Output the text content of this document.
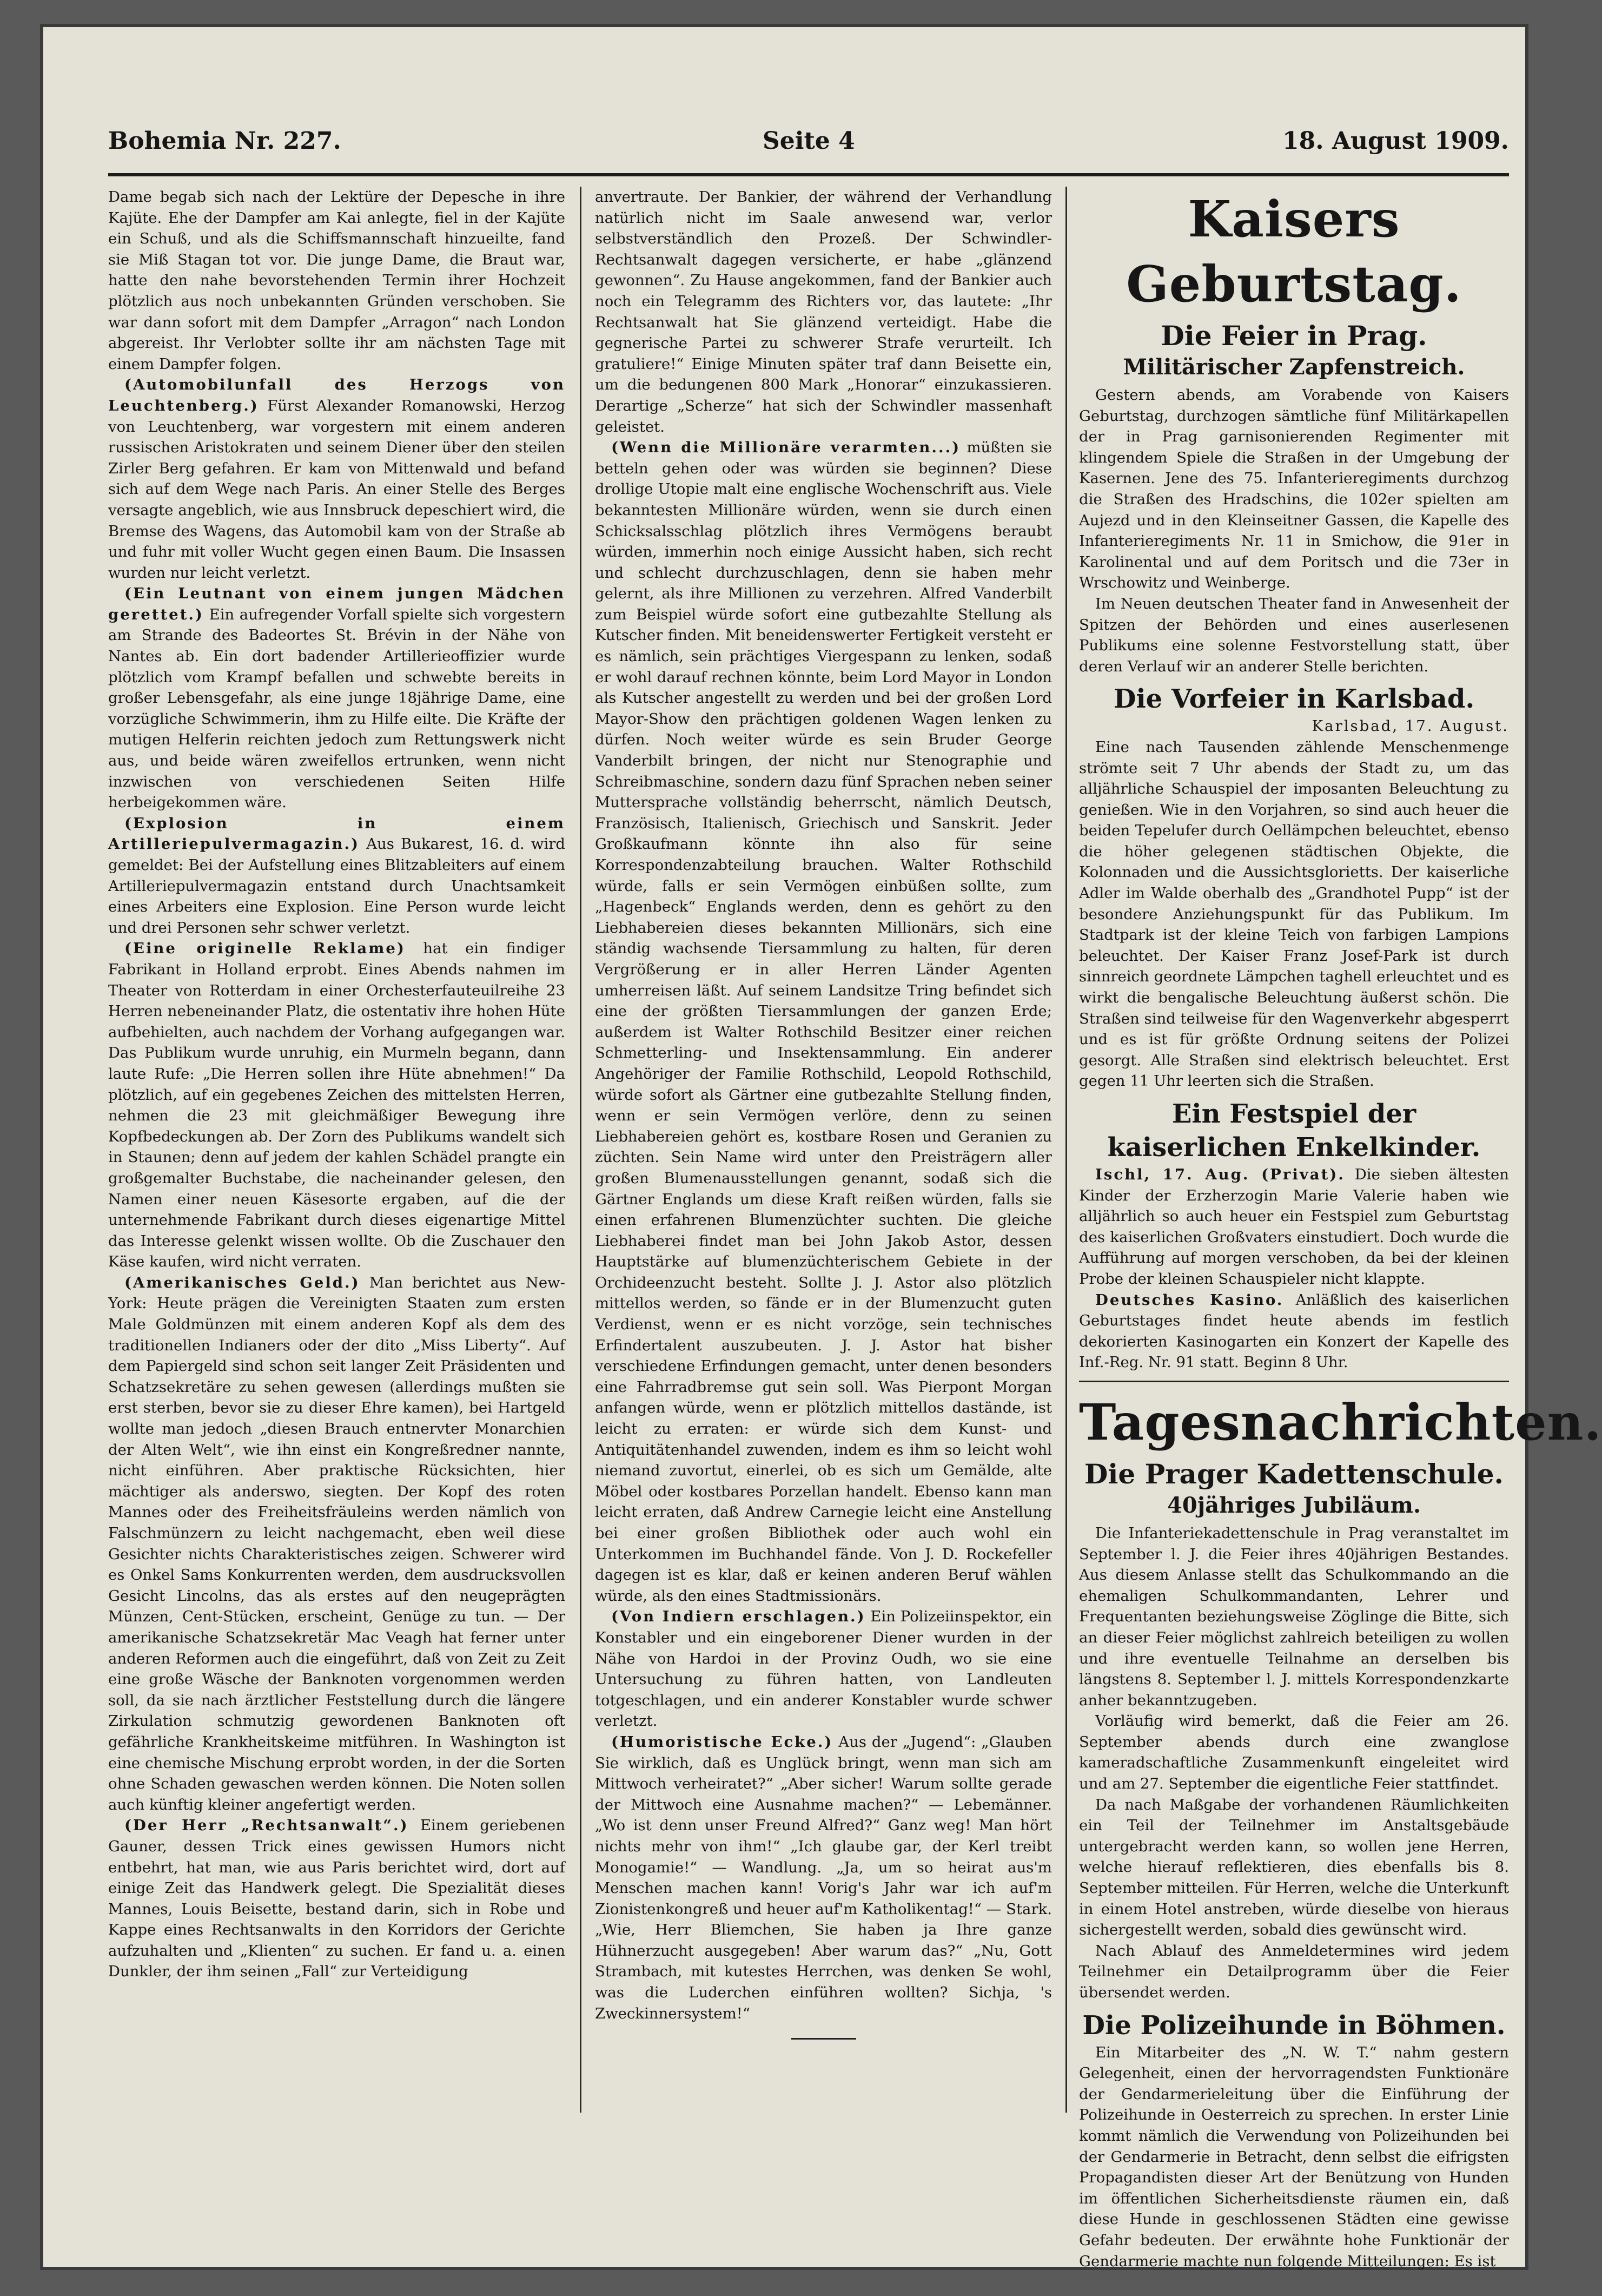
Bohemia Nr. 227.	Seite 4	18. August 1909.

Dame begab sich nach der Lektüre der Depesche in ihre Kajüte. Ehe der Dampfer am Kai anlegte, fiel in der Kajüte ein Schuß, und als die Schiffsmannschaft hinzueilte, fand sie Miß Stagan tot vor. Die junge Dame, die Braut war, hatte den nahe bevorstehenden Termin ihrer Hochzeit plötzlich aus noch unbekannten Gründen verschoben. Sie war dann sofort mit dem Dampfer „Arragon“ nach London abgereist. Ihr Verlobter sollte ihr am nächsten Tage mit einem Dampfer folgen.

(Automobilunfall des Herzogs von Leuchtenberg.) Fürst Alexander Romanowski, Herzog von Leuchtenberg, war vorgestern mit einem anderen russischen Aristokraten und seinem Diener über den steilen Zirler Berg gefahren. Er kam von Mittenwald und befand sich auf dem Wege nach Paris. An einer Stelle des Berges versagte angeblich, wie aus Innsbruck depeschiert wird, die Bremse des Wagens, das Automobil kam von der Straße ab und fuhr mit voller Wucht gegen einen Baum. Die Insassen wurden nur leicht verletzt.

(Ein Leutnant von einem jungen Mädchen gerettet.) Ein aufregender Vorfall spielte sich vorgestern am Strande des Badeortes St. Brévin in der Nähe von Nantes ab. Ein dort badender Artillerieoffizier wurde plötzlich vom Krampf befallen und schwebte bereits in großer Lebensgefahr, als eine junge 18jährige Dame, eine vorzügliche Schwimmerin, ihm zu Hilfe eilte. Die Kräfte der mutigen Helferin reichten jedoch zum Rettungswerk nicht aus, und beide wären zweifellos ertrunken, wenn nicht inzwischen von verschiedenen Seiten Hilfe herbeigekommen wäre.

(Explosion in einem Artilleriepulvermagazin.) Aus Bukarest, 16. d. wird gemeldet: Bei der Aufstellung eines Blitzableiters auf einem Artilleriepulvermagazin entstand durch Unachtsamkeit eines Arbeiters eine Explosion. Eine Person wurde leicht und drei Personen sehr schwer verletzt.

(Eine originelle Reklame) hat ein findiger Fabrikant in Holland erprobt. Eines Abends nahmen im Theater von Rotterdam in einer Orchesterfauteuilreihe 23 Herren nebeneinander Platz, die ostentativ ihre hohen Hüte aufbehielten, auch nachdem der Vorhang aufgegangen war. Das Publikum wurde unruhig, ein Murmeln begann, dann laute Rufe: „Die Herren sollen ihre Hüte abnehmen!“ Da plötzlich, auf ein gegebenes Zeichen des mittelsten Herren, nehmen die 23 mit gleichmäßiger Bewegung ihre Kopfbedeckungen ab. Der Zorn des Publikums wandelt sich in Staunen; denn auf jedem der kahlen Schädel prangte ein großgemalter Buchstabe, die nacheinander gelesen, den Namen einer neuen Käsesorte ergaben, auf die der unternehmende Fabrikant durch dieses eigenartige Mittel das Interesse gelenkt wissen wollte. Ob die Zuschauer den Käse kaufen, wird nicht verraten.

(Amerikanisches Geld.) Man berichtet aus New-York: Heute prägen die Vereinigten Staaten zum ersten Male Goldmünzen mit einem anderen Kopf als dem des traditionellen Indianers oder der dito „Miss Liberty“. Auf dem Papiergeld sind schon seit langer Zeit Präsidenten und Schatzsekretäre zu sehen gewesen (allerdings mußten sie erst sterben, bevor sie zu dieser Ehre kamen), bei Hartgeld wollte man jedoch „diesen Brauch entnervter Monarchien der Alten Welt“, wie ihn einst ein Kongreßredner nannte, nicht einführen. Aber praktische Rücksichten, hier mächtiger als anderswo, siegten. Der Kopf des roten Mannes oder des Freiheitsfräuleins werden nämlich von Falschmünzern zu leicht nachgemacht, eben weil diese Gesichter nichts Charakteristisches zeigen. Schwerer wird es Onkel Sams Konkurrenten werden, dem ausdrucksvollen Gesicht Lincolns, das als erstes auf den neugeprägten Münzen, Cent-Stücken, erscheint, Genüge zu tun. — Der amerikanische Schatzsekretär Mac Veagh hat ferner unter anderen Reformen auch die eingeführt, daß von Zeit zu Zeit eine große Wäsche der Banknoten vorgenommen werden soll, da sie nach ärztlicher Feststellung durch die längere Zirkulation schmutzig gewordenen Banknoten oft gefährliche Krankheitskeime mitführen. In Washington ist eine chemische Mischung erprobt worden, in der die Sorten ohne Schaden gewaschen werden können. Die Noten sollen auch künftig kleiner angefertigt werden.

(Der Herr „Rechtsanwalt“.) Einem geriebenen Gauner, dessen Trick eines gewissen Humors nicht entbehrt, hat man, wie aus Paris berichtet wird, dort auf einige Zeit das Handwerk gelegt. Die Spezialität dieses Mannes, Louis Beisette, bestand darin, sich in Robe und Kappe eines Rechtsanwalts in den Korridors der Gerichte aufzuhalten und „Klienten“ zu suchen. Er fand u. a. einen Dunkler, der ihm seinen „Fall“ zur Verteidigung

anvertraute. Der Bankier, der während der Verhandlung natürlich nicht im Saale anwesend war, verlor selbstverständlich den Prozeß. Der Schwindler-Rechtsanwalt dagegen versicherte, er habe „glänzend gewonnen“. Zu Hause angekommen, fand der Bankier auch noch ein Telegramm des Richters vor, das lautete: „Ihr Rechtsanwalt hat Sie glänzend verteidigt. Habe die gegnerische Partei zu schwerer Strafe verurteilt. Ich gratuliere!“ Einige Minuten später traf dann Beisette ein, um die bedungenen 800 Mark „Honorar“ einzukassieren. Derartige „Scherze“ hat sich der Schwindler massenhaft geleistet.

(Wenn die Millionäre verarmten...) müßten sie betteln gehen oder was würden sie beginnen? Diese drollige Utopie malt eine englische Wochenschrift aus. Viele bekanntesten Millionäre würden, wenn sie durch einen Schicksalsschlag plötzlich ihres Vermögens beraubt würden, immerhin noch einige Aussicht haben, sich recht und schlecht durchzuschlagen, denn sie haben mehr gelernt, als ihre Millionen zu verzehren. Alfred Vanderbilt zum Beispiel würde sofort eine gutbezahlte Stellung als Kutscher finden. Mit beneidenswerter Fertigkeit versteht er es nämlich, sein prächtiges Viergespann zu lenken, sodaß er wohl darauf rechnen könnte, beim Lord Mayor in London als Kutscher angestellt zu werden und bei der großen Lord Mayor-Show den prächtigen goldenen Wagen lenken zu dürfen. Noch weiter würde es sein Bruder George Vanderbilt bringen, der nicht nur Stenographie und Schreibmaschine, sondern dazu fünf Sprachen neben seiner Muttersprache vollständig beherrscht, nämlich Deutsch, Französisch, Italienisch, Griechisch und Sanskrit. Jeder Großkaufmann könnte ihn also für seine Korrespondenzabteilung brauchen. Walter Rothschild würde, falls er sein Vermögen einbüßen sollte, zum „Hagenbeck“ Englands werden, denn es gehört zu den Liebhabereien dieses bekannten Millionärs, sich eine ständig wachsende Tiersammlung zu halten, für deren Vergrößerung er in aller Herren Länder Agenten umherreisen läßt. Auf seinem Landsitze Tring befindet sich eine der größten Tiersammlungen der ganzen Erde; außerdem ist Walter Rothschild Besitzer einer reichen Schmetterling- und Insektensammlung. Ein anderer Angehöriger der Familie Rothschild, Leopold Rothschild, würde sofort als Gärtner eine gutbezahlte Stellung finden, wenn er sein Vermögen verlöre, denn zu seinen Liebhabereien gehört es, kostbare Rosen und Geranien zu züchten. Sein Name wird unter den Preisträgern aller großen Blumenausstellungen genannt, sodaß sich die Gärtner Englands um diese Kraft reißen würden, falls sie einen erfahrenen Blumenzüchter suchten. Die gleiche Liebhaberei findet man bei John Jakob Astor, dessen Hauptstärke auf blumenzüchterischem Gebiete in der Orchideenzucht besteht. Sollte J. J. Astor also plötzlich mittellos werden, so fände er in der Blumenzucht guten Verdienst, wenn er es nicht vorzöge, sein technisches Erfindertalent auszubeuten. J. J. Astor hat bisher verschiedene Erfindungen gemacht, unter denen besonders eine Fahrradbremse gut sein soll. Was Pierpont Morgan anfangen würde, wenn er plötzlich mittellos dastände, ist leicht zu erraten: er würde sich dem Kunst- und Antiquitätenhandel zuwenden, indem es ihm so leicht wohl niemand zuvortut, einerlei, ob es sich um Gemälde, alte Möbel oder kostbares Porzellan handelt. Ebenso kann man leicht erraten, daß Andrew Carnegie leicht eine Anstellung bei einer großen Bibliothek oder auch wohl ein Unterkommen im Buchhandel fände. Von J. D. Rockefeller dagegen ist es klar, daß er keinen anderen Beruf wählen würde, als den eines Stadtmissionärs.

(Von Indiern erschlagen.) Ein Polizeiinspektor, ein Konstabler und ein eingeborener Diener wurden in der Nähe von Hardoi in der Provinz Oudh, wo sie eine Untersuchung zu führen hatten, von Landleuten totgeschlagen, und ein anderer Konstabler wurde schwer verletzt.

(Humoristische Ecke.) Aus der „Jugend“: „Glauben Sie wirklich, daß es Unglück bringt, wenn man sich am Mittwoch verheiratet?“ „Aber sicher! Warum sollte gerade der Mittwoch eine Ausnahme machen?“ — Lebemänner. „Wo ist denn unser Freund Alfred?“ Ganz weg! Man hört nichts mehr von ihm!“ „Ich glaube gar, der Kerl treibt Monogamie!“ — Wandlung. „Ja, um so heirat aus'm Menschen machen kann! Vorig's Jahr war ich auf'm Zionistenkongreß und heuer auf'm Katholikentag!“ — Stark. „Wie, Herr Bliemchen, Sie haben ja Ihre ganze Hühnerzucht ausgegeben! Aber warum das?“ „Nu, Gott Strambach, mit kutestes Herrchen, was denken Se wohl, was die Luderchen einführen wollten? Sichja, 's Zweckinnersystem!“

Kaisers Geburtstag.
Die Feier in Prag.
Militärischer Zapfenstreich.

Gestern abends, am Vorabende von Kaisers Geburtstag, durchzogen sämtliche fünf Militärkapellen der in Prag garnisonierenden Regimenter mit klingendem Spiele die Straßen in der Umgebung der Kasernen. Jene des 75. Infanterieregiments durchzog die Straßen des Hradschins, die 102er spielten am Aujezd und in den Kleinseitner Gassen, die Kapelle des Infanterieregiments Nr. 11 in Smichow, die 91er in Karolinental und auf dem Poritsch und die 73er in Wrschowitz und Weinberge.

Im Neuen deutschen Theater fand in Anwesenheit der Spitzen der Behörden und eines auserlesenen Publikums eine solenne Festvorstellung statt, über deren Verlauf wir an anderer Stelle berichten.

Die Vorfeier in Karlsbad.

Karlsbad, 17. August.

Eine nach Tausenden zählende Menschenmenge strömte seit 7 Uhr abends der Stadt zu, um das alljährliche Schauspiel der imposanten Beleuchtung zu genießen. Wie in den Vorjahren, so sind auch heuer die beiden Tepelufer durch Oellämpchen beleuchtet, ebenso die höher gelegenen städtischen Objekte, die Kolonnaden und die Aussichtsglorietts. Der kaiserliche Adler im Walde oberhalb des „Grandhotel Pupp“ ist der besondere Anziehungspunkt für das Publikum. Im Stadtpark ist der kleine Teich von farbigen Lampions beleuchtet. Der Kaiser Franz Josef-Park ist durch sinnreich geordnete Lämpchen taghell erleuchtet und es wirkt die bengalische Beleuchtung äußerst schön. Die Straßen sind teilweise für den Wagenverkehr abgesperrt und es ist für größte Ordnung seitens der Polizei gesorgt. Alle Straßen sind elektrisch beleuchtet. Erst gegen 11 Uhr leerten sich die Straßen.

Ein Festspiel der kaiserlichen Enkelkinder.

Ischl, 17. Aug. (Privat). Die sieben ältesten Kinder der Erzherzogin Marie Valerie haben wie alljährlich so auch heuer ein Festspiel zum Geburtstag des kaiserlichen Großvaters einstudiert. Doch wurde die Aufführung auf morgen verschoben, da bei der kleinen Probe der kleinen Schauspieler nicht klappte.

Deutsches Kasino. Anläßlich des kaiserlichen Geburtstages findet heute abends im festlich dekorierten Kasinogarten ein Konzert der Kapelle des Inf.-Reg. Nr. 91 statt. Beginn 8 Uhr.

Tagesnachrichten.
Die Prager Kadettenschule.
40jähriges Jubiläum.

Die Infanteriekadettenschule in Prag veranstaltet im September l. J. die Feier ihres 40jährigen Bestandes. Aus diesem Anlasse stellt das Schulkommando an die ehemaligen Schulkommandanten, Lehrer und Frequentanten beziehungsweise Zöglinge die Bitte, sich an dieser Feier möglichst zahlreich beteiligen zu wollen und ihre eventuelle Teilnahme an derselben bis längstens 8. September l. J. mittels Korrespondenzkarte anher bekanntzugeben.

Vorläufig wird bemerkt, daß die Feier am 26. September abends durch eine zwanglose kameradschaftliche Zusammenkunft eingeleitet wird und am 27. September die eigentliche Feier stattfindet.

Da nach Maßgabe der vorhandenen Räumlichkeiten ein Teil der Teilnehmer im Anstaltsgebäude untergebracht werden kann, so wollen jene Herren, welche hierauf reflektieren, dies ebenfalls bis 8. September mitteilen. Für Herren, welche die Unterkunft in einem Hotel anstreben, würde dieselbe von hieraus sichergestellt werden, sobald dies gewünscht wird.

Nach Ablauf des Anmeldetermines wird jedem Teilnehmer ein Detailprogramm über die Feier übersendet werden.

Die Polizeihunde in Böhmen.

Ein Mitarbeiter des „N. W. T.“ nahm gestern Gelegenheit, einen der hervorragendsten Funktionäre der Gendarmerieleitung über die Einführung der Polizeihunde in Oesterreich zu sprechen. In erster Linie kommt nämlich die Verwendung von Polizeihunden bei der Gendarmerie in Betracht, denn selbst die eifrigsten Propagandisten dieser Art der Benützung von Hunden im öffentlichen Sicherheitsdienste räumen ein, daß diese Hunde in geschlossenen Städten eine gewisse Gefahr bedeuten. Der erwähnte hohe Funktionär der Gendarmerie machte nun folgende Mitteilungen: Es ist
